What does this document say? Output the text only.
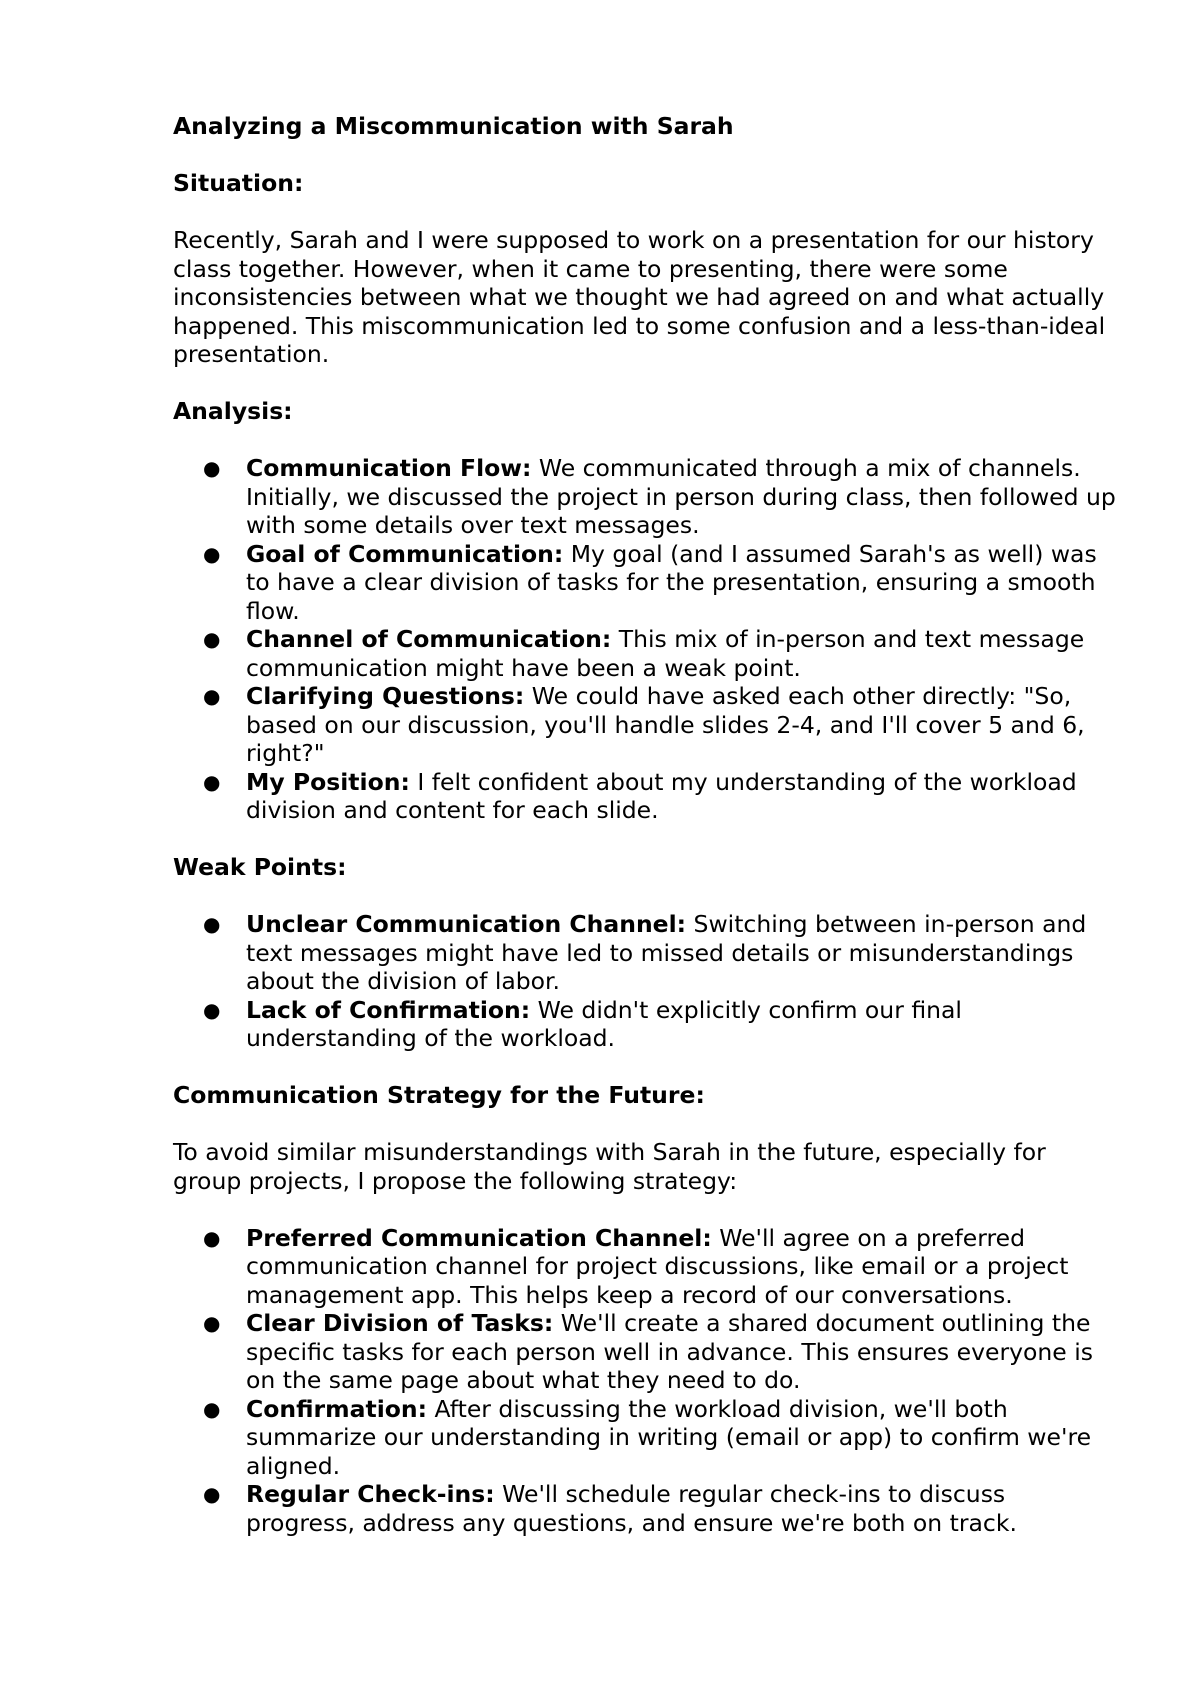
Analyzing a Miscommunication with Sarah

Situation:

Recently, Sarah and I were supposed to work on a presentation for our history class together. However, when it came to presenting, there were some inconsistencies between what we thought we had agreed on and what actually happened. This miscommunication led to some confusion and a less-than-ideal presentation.

Analysis:

● Communication Flow: We communicated through a mix of channels. Initially, we discussed the project in person during class, then followed up with some details over text messages.
● Goal of Communication: My goal (and I assumed Sarah's as well) was to have a clear division of tasks for the presentation, ensuring a smooth flow.
● Channel of Communication: This mix of in-person and text message communication might have been a weak point.
● Clarifying Questions: We could have asked each other directly: "So, based on our discussion, you'll handle slides 2-4, and I'll cover 5 and 6, right?"
● My Position: I felt confident about my understanding of the workload division and content for each slide.

Weak Points:

● Unclear Communication Channel: Switching between in-person and text messages might have led to missed details or misunderstandings about the division of labor.
● Lack of Confirmation: We didn't explicitly confirm our final understanding of the workload.

Communication Strategy for the Future:

To avoid similar misunderstandings with Sarah in the future, especially for group projects, I propose the following strategy:

● Preferred Communication Channel: We'll agree on a preferred communication channel for project discussions, like email or a project management app. This helps keep a record of our conversations.
● Clear Division of Tasks: We'll create a shared document outlining the specific tasks for each person well in advance. This ensures everyone is on the same page about what they need to do.
● Confirmation: After discussing the workload division, we'll both summarize our understanding in writing (email or app) to confirm we're aligned.
● Regular Check-ins: We'll schedule regular check-ins to discuss progress, address any questions, and ensure we're both on track.
